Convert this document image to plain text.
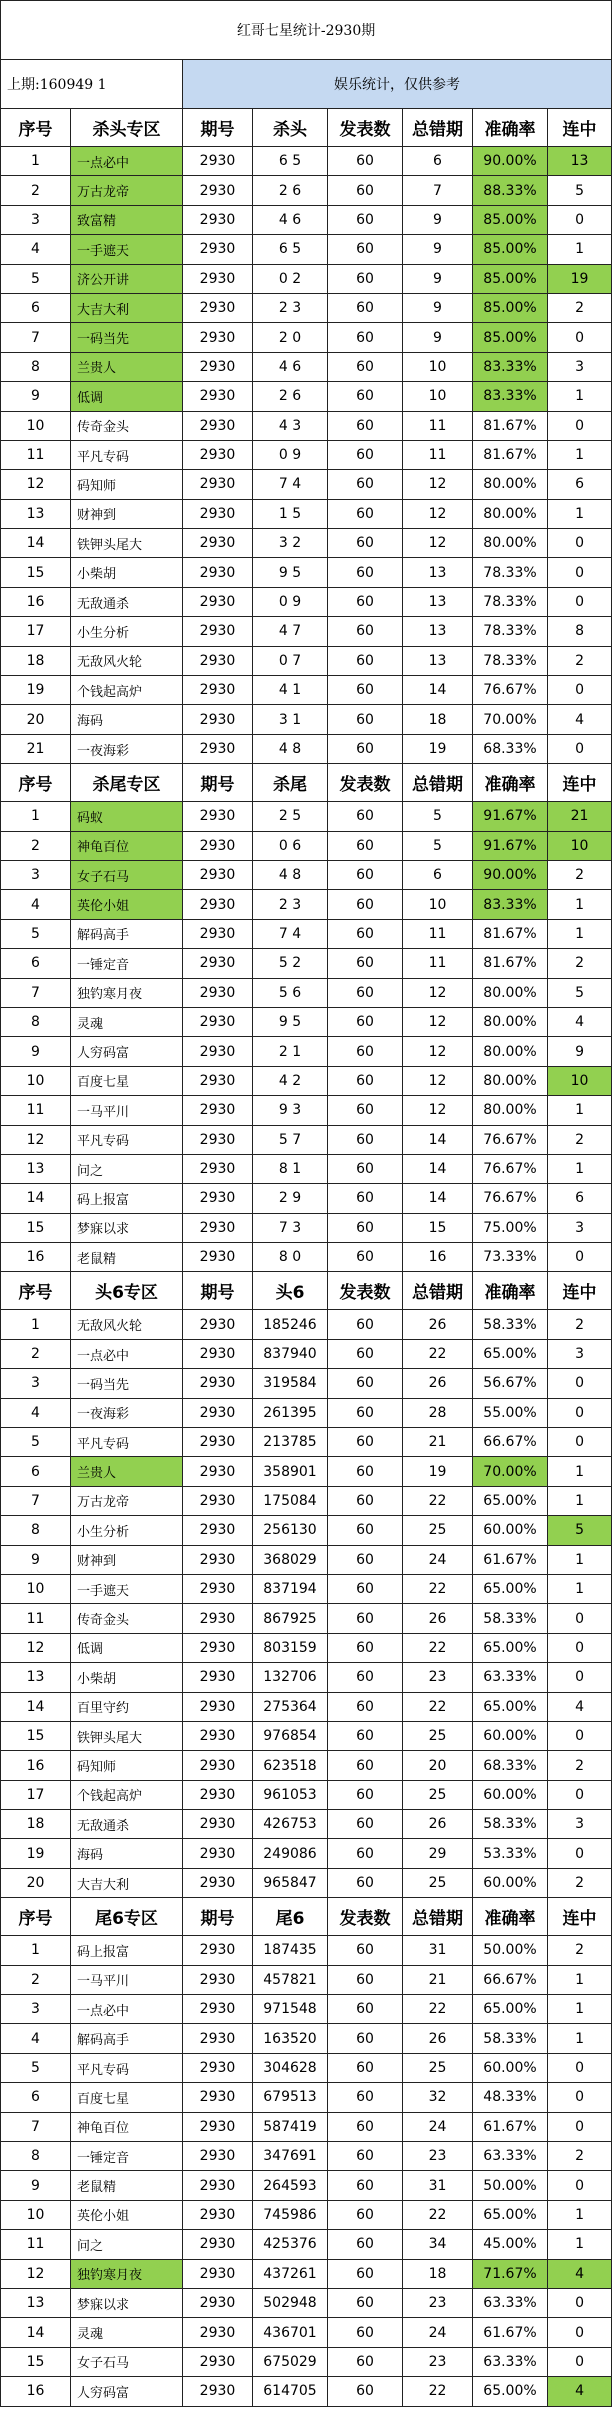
红哥七星统计-2930期							
上期:160949 1		娱乐统计，仅供参考					
序号	杀头专区	期号	杀头	发表数	总错期	准确率	连中
1	一点必中	2930	6 5	60	6	90.00%	13
2	万古龙帝	2930	2 6	60	7	88.33%	5
3	致富精	2930	4 6	60	9	85.00%	0
4	一手遮天	2930	6 5	60	9	85.00%	1
5	济公开讲	2930	0 2	60	9	85.00%	19
6	大吉大利	2930	2 3	60	9	85.00%	2
7	一码当先	2930	2 0	60	9	85.00%	0
8	兰贵人	2930	4 6	60	10	83.33%	3
9	低调	2930	2 6	60	10	83.33%	1
10	传奇金头	2930	4 3	60	11	81.67%	0
11	平凡专码	2930	0 9	60	11	81.67%	1
12	码知师	2930	7 4	60	12	80.00%	6
13	财神到	2930	1 5	60	12	80.00%	1
14	铁钾头尾大	2930	3 2	60	12	80.00%	0
15	小柴胡	2930	9 5	60	13	78.33%	0
16	无敌通杀	2930	0 9	60	13	78.33%	0
17	小生分析	2930	4 7	60	13	78.33%	8
18	无敌风火轮	2930	0 7	60	13	78.33%	2
19	个钱起高炉	2930	4 1	60	14	76.67%	0
20	海码	2930	3 1	60	18	70.00%	4
21	一夜海彩	2930	4 8	60	19	68.33%	0
序号	杀尾专区	期号	杀尾	发表数	总错期	准确率	连中
1	码蚁	2930	2 5	60	5	91.67%	21
2	神龟百位	2930	0 6	60	5	91.67%	10
3	女子石马	2930	4 8	60	6	90.00%	2
4	英伦小姐	2930	2 3	60	10	83.33%	1
5	解码高手	2930	7 4	60	11	81.67%	1
6	一锤定音	2930	5 2	60	11	81.67%	2
7	独钓寒月夜	2930	5 6	60	12	80.00%	5
8	灵魂	2930	9 5	60	12	80.00%	4
9	人穷码富	2930	2 1	60	12	80.00%	9
10	百度七星	2930	4 2	60	12	80.00%	10
11	一马平川	2930	9 3	60	12	80.00%	1
12	平凡专码	2930	5 7	60	14	76.67%	2
13	问之	2930	8 1	60	14	76.67%	1
14	码上报富	2930	2 9	60	14	76.67%	6
15	梦寐以求	2930	7 3	60	15	75.00%	3
16	老鼠精	2930	8 0	60	16	73.33%	0
序号	头6专区	期号	头6	发表数	总错期	准确率	连中
1	无敌风火轮	2930	185246	60	26	58.33%	2
2	一点必中	2930	837940	60	22	65.00%	3
3	一码当先	2930	319584	60	26	56.67%	0
4	一夜海彩	2930	261395	60	28	55.00%	0
5	平凡专码	2930	213785	60	21	66.67%	0
6	兰贵人	2930	358901	60	19	70.00%	1
7	万古龙帝	2930	175084	60	22	65.00%	1
8	小生分析	2930	256130	60	25	60.00%	5
9	财神到	2930	368029	60	24	61.67%	1
10	一手遮天	2930	837194	60	22	65.00%	1
11	传奇金头	2930	867925	60	26	58.33%	0
12	低调	2930	803159	60	22	65.00%	0
13	小柴胡	2930	132706	60	23	63.33%	0
14	百里守约	2930	275364	60	22	65.00%	4
15	铁钾头尾大	2930	976854	60	25	60.00%	0
16	码知师	2930	623518	60	20	68.33%	2
17	个钱起高炉	2930	961053	60	25	60.00%	0
18	无敌通杀	2930	426753	60	26	58.33%	3
19	海码	2930	249086	60	29	53.33%	0
20	大吉大利	2930	965847	60	25	60.00%	2
序号	尾6专区	期号	尾6	发表数	总错期	准确率	连中
1	码上报富	2930	187435	60	31	50.00%	2
2	一马平川	2930	457821	60	21	66.67%	1
3	一点必中	2930	971548	60	22	65.00%	1
4	解码高手	2930	163520	60	26	58.33%	1
5	平凡专码	2930	304628	60	25	60.00%	0
6	百度七星	2930	679513	60	32	48.33%	0
7	神龟百位	2930	587419	60	24	61.67%	0
8	一锤定音	2930	347691	60	23	63.33%	2
9	老鼠精	2930	264593	60	31	50.00%	0
10	英伦小姐	2930	745986	60	22	65.00%	1
11	问之	2930	425376	60	34	45.00%	1
12	独钓寒月夜	2930	437261	60	18	71.67%	4
13	梦寐以求	2930	502948	60	23	63.33%	0
14	灵魂	2930	436701	60	24	61.67%	0
15	女子石马	2930	675029	60	23	63.33%	0
16	人穷码富	2930	614705	60	22	65.00%	4
